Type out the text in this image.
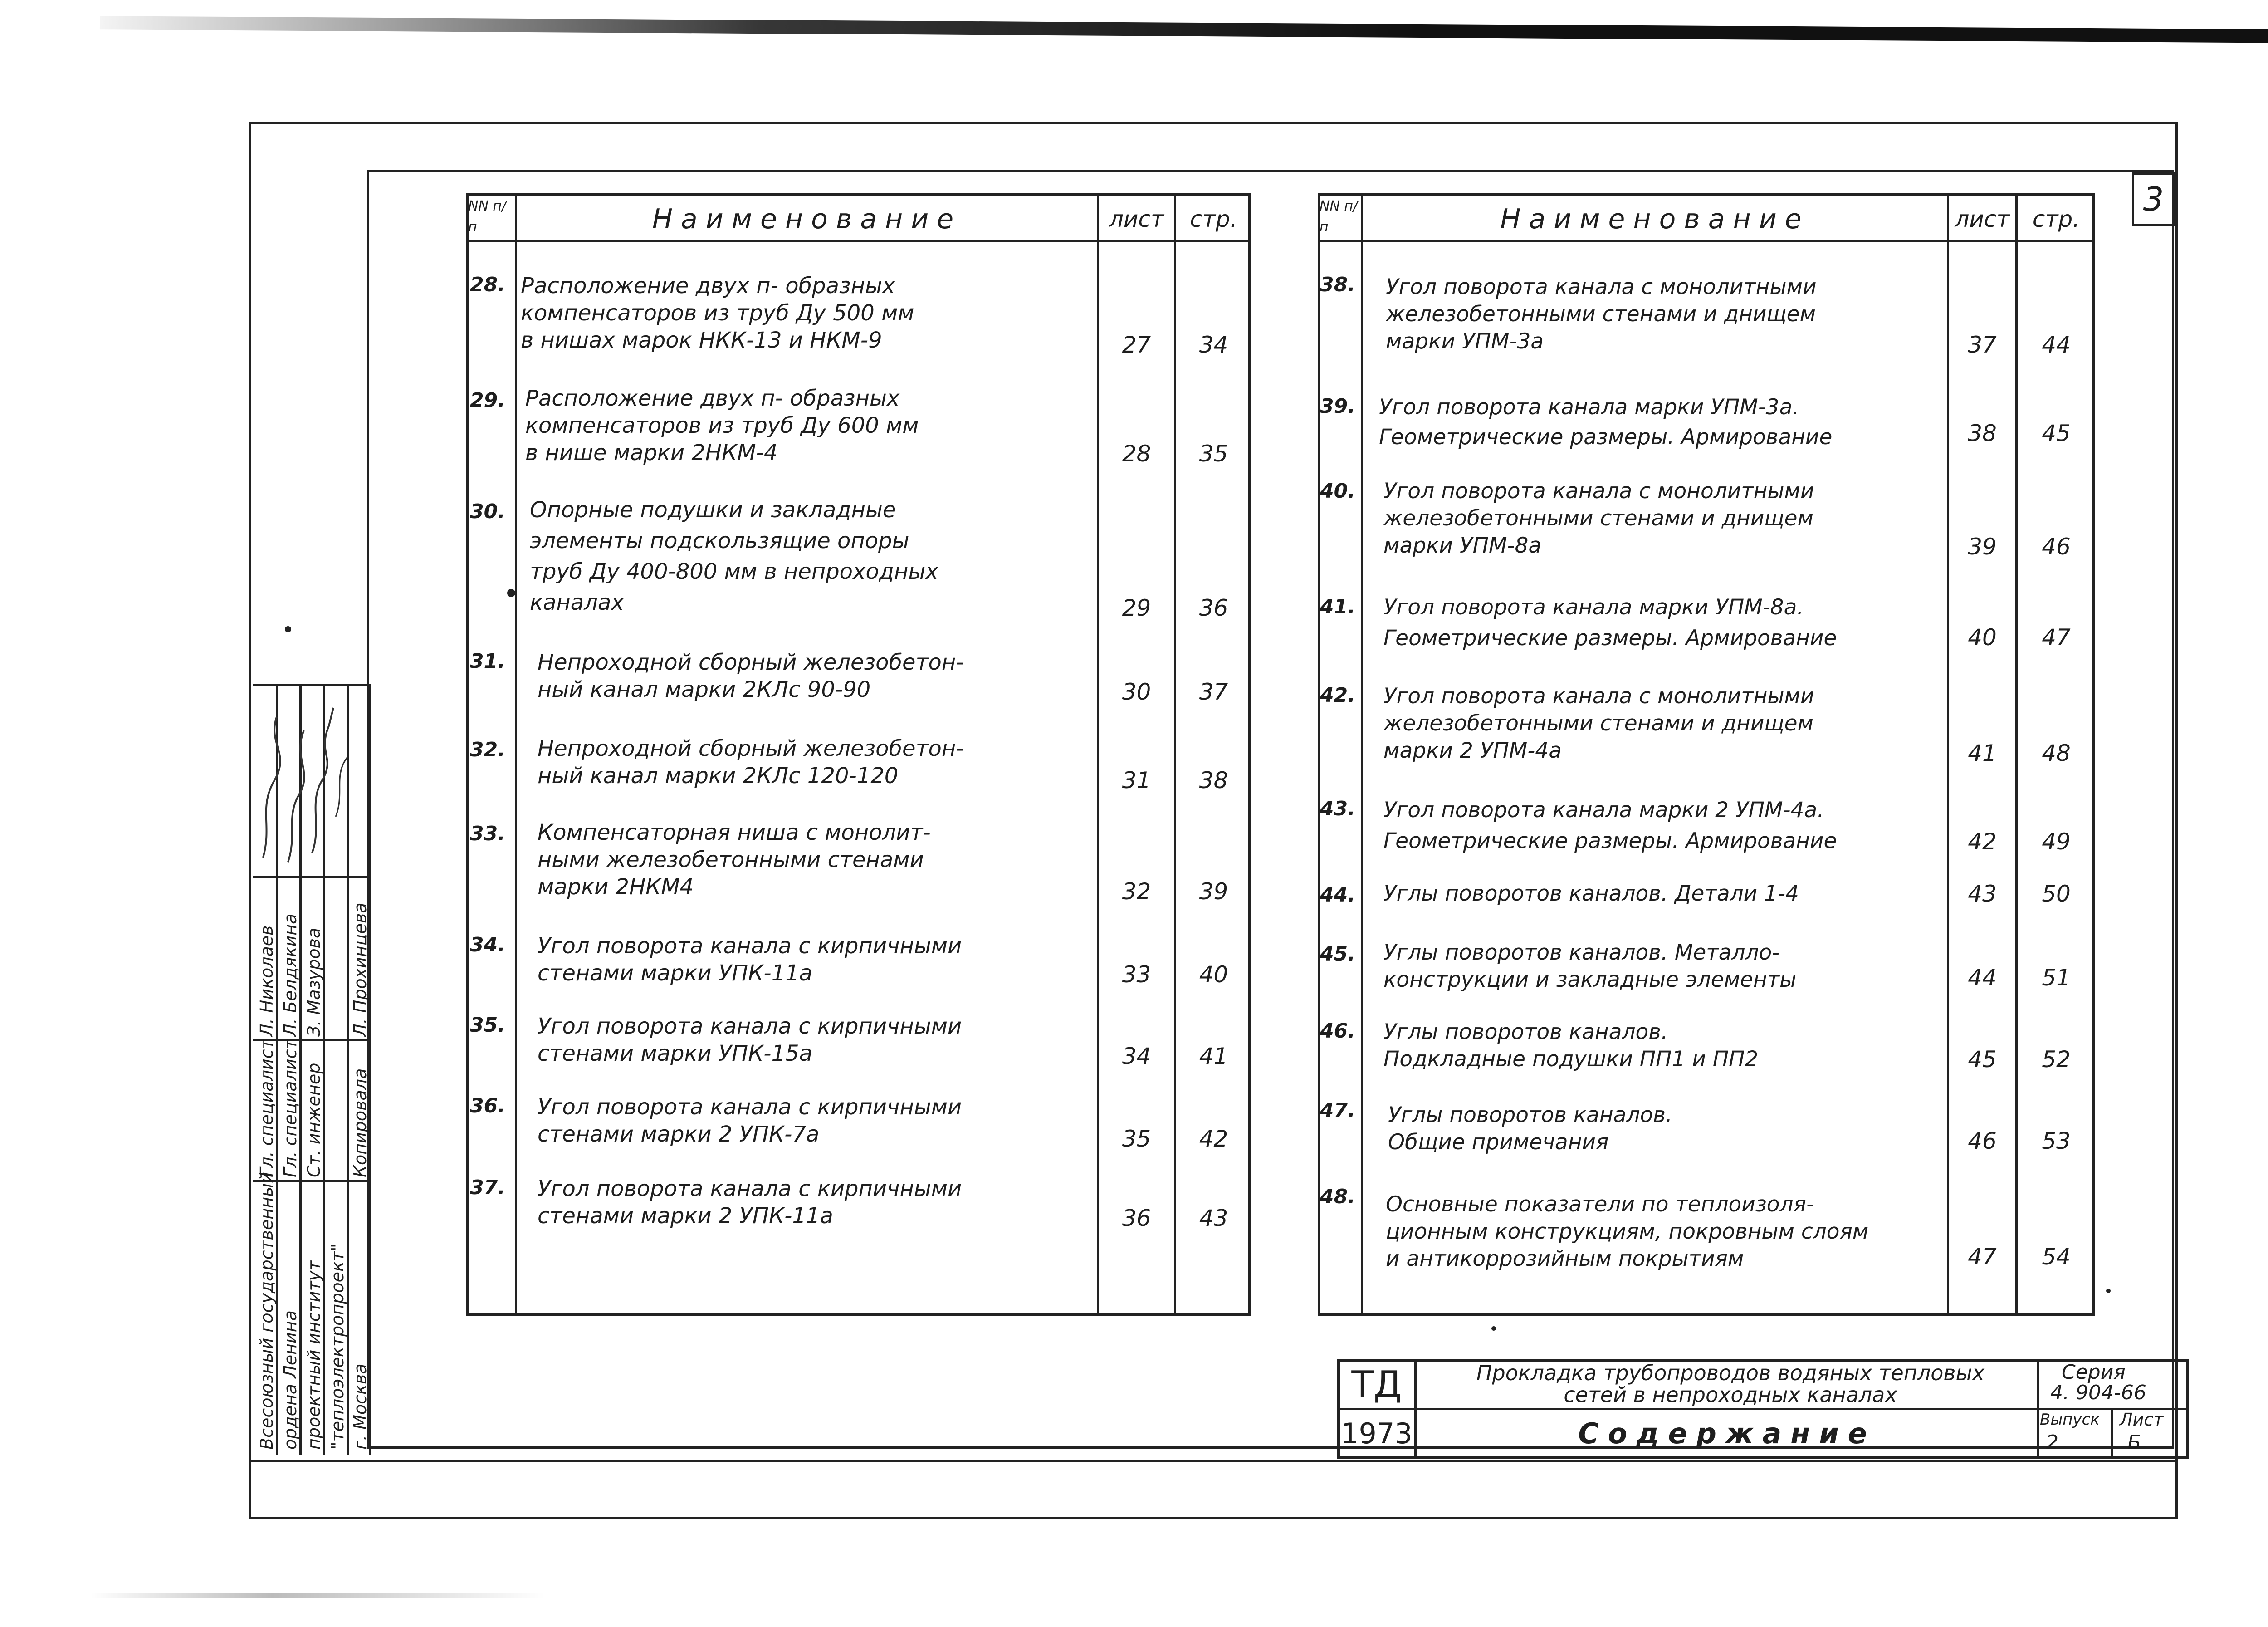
3
NN п/п	Наименование	лист	стр.
28. Расположение двух п- образных
компенсаторов из труб Ду 500 мм
в нишах марок НКК-13 и НКМ-9	27	34
29. Расположение двух п- образных
компенсаторов из труб Ду 600 мм
в нише марки 2НКМ-4	28	35
30. Опорные подушки и закладные
элементы подскользящие опоры
труб Ду 400-800 мм в непроходных
каналах	29	36
31. Непроходной сборный железобетон-
ный канал марки 2КЛс 90-90	30	37
32. Непроходной сборный железобетон-
ный канал марки 2КЛс 120-120	31	38
33. Компенсаторная ниша с монолит-
ными железобетонными стенами
марки 2НКМ4	32	39
34. Угол поворота канала с кирпичными
стенами марки УПК-11а	33	40
35. Угол поворота канала с кирпичными
стенами марки УПК-15а	34	41
36. Угол поворота канала с кирпичными
стенами марки 2 УПК-7а	35	42
37. Угол поворота канала с кирпичными
стенами марки 2 УПК-11а	36	43
NN п/п	Наименование	лист	стр.
38. Угол поворота канала с монолитными
железобетонными стенами и днищем
марки УПМ-3а	37	44
39. Угол поворота канала марки УПМ-3а.
Геометрические размеры. Армирование	38	45
40. Угол поворота канала с монолитными
железобетонными стенами и днищем
марки УПМ-8а	39	46
41. Угол поворота канала марки УПМ-8а.
Геометрические размеры. Армирование	40	47
42. Угол поворота канала с монолитными
железобетонными стенами и днищем
марки 2 УПМ-4а	41	48
43. Угол поворота канала марки 2 УПМ-4а.
Геометрические размеры. Армирование	42	49
44. Углы поворотов каналов. Детали 1-4	43	50
45. Углы поворотов каналов. Металло-
конструкции и закладные элементы	44	51
46. Углы поворотов каналов.
Подкладные подушки ПП1 и ПП2	45	52
47. Углы поворотов каналов.
Общие примечания	46	53
48. Основные показатели по теплоизоля-
ционным конструкциям, покровным слоям
и антикоррозийным покрытиям	47	54
Всесоюзный государственный ордена Ленина проектный институт "теплоэлектропроект" г. Москва
Гл. специалист Гл. специалист Ст. инженер Копировала
Л. Николаев Л. Белдякина З. Мазурова Л. Прохинцева
ТД
1973
Прокладка трубопроводов водяных тепловых сетей в непроходных каналах
Содержание
Серия
4. 904-66
Выпуск
2
Лист
Б
